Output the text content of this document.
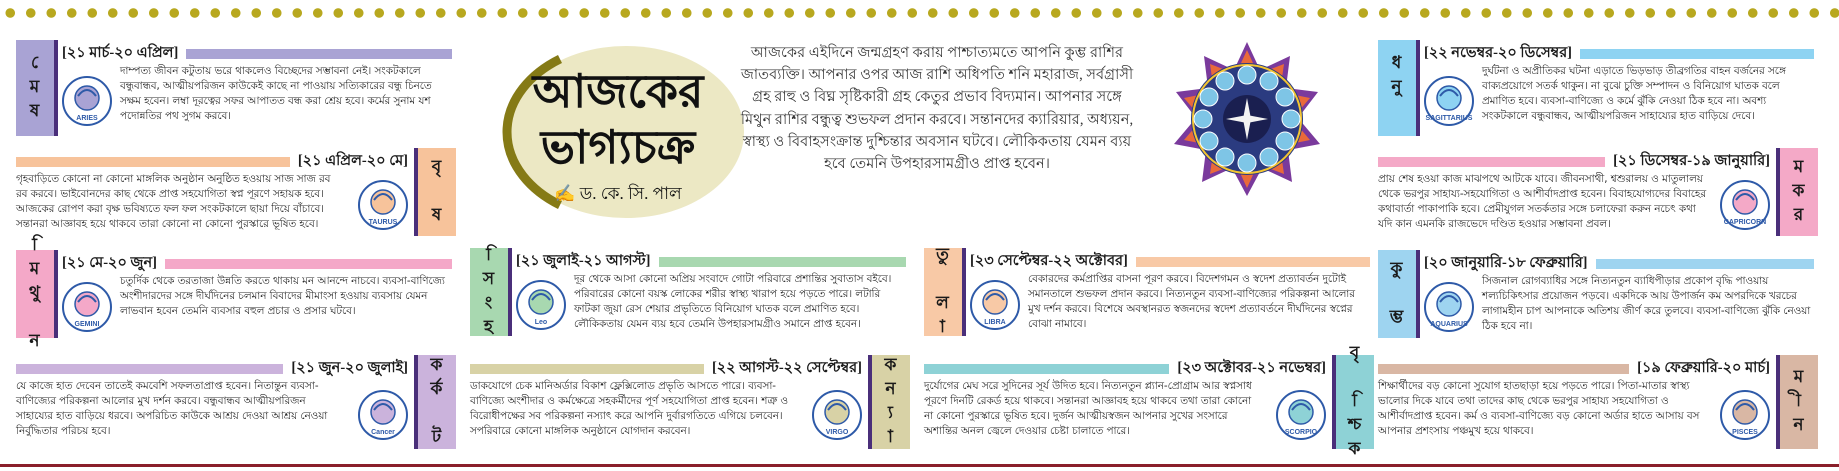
আজকের
ভাগ্যচক্র
✍ ড. কে. সি. পাল
আজকের এইদিনে জন্মগ্রহণ করায় পাশ্চাত্যমতে আপনি কুম্ভ রাশির জাতব্যক্তি। আপনার ওপর আজ রাশি অধিপতি শনি মহারাজ, সর্বগ্রাসী গ্রহ রাহু ও বিঘ্ন সৃষ্টিকারী গ্রহ কেতুর প্রভাব বিদ্যমান। আপনার সঙ্গে মিথুন রাশির বন্ধুত্ব শুভফল প্রদান করবে। সন্তানদের ক্যারিয়ার, অধ্যয়ন, স্বাস্থ্য ও বিবাহসংক্রান্ত দুশ্চিন্তার অবসান ঘটবে। লৌকিকতায় যেমন ব্যয় হবে তেমনি উপহারসামগ্রীও প্রাপ্ত হবেন।
মেষ	[২১ মার্চ-২০ এপ্রিল]
ARIES
দাম্পত্য জীবন কটুতায় ভরে থাকলেও বিচ্ছেদের সম্ভাবনা নেই। সংকটকালে বন্ধুবান্ধব, আত্মীয়পরিজন কাউকেই কাছে না পাওয়ায় সত্যিকারের বন্ধু চিনতে সক্ষম হবেন। লম্বা দূরত্বের সফর আপাতত বন্ধ করা শ্রেয় হবে। কর্মের সুনাম যশ পদোন্নতির পথ সুগম করবে।
বৃষ
[২১ এপ্রিল-২০ মে]
TAURUS
গৃহবাড়িতে কোনো না কোনো মাঙ্গলিক অনুষ্ঠান অনুষ্ঠিত হওয়ায় সাজ সাজ রব রব করবে। ভাইবোনদের কাছ থেকে প্রাপ্ত সহযোগিতা স্বপ্ন পূরণে সহায়ক হবে। আজকের রোপণ করা বৃক্ষ ভবিষ্যতে ফল ফল সংকটকালে ছায়া দিয়ে বাঁচাবে। সন্তানরা আজ্ঞাবহ হয়ে থাকবে তারা কোনো না কোনো পুরস্কারে ভূষিত হবে।
মিথুন	[২১ মে-২০ জুন]
GEMINI
চতুর্দিক থেকে তরতাজা উন্নতি করতে থাকায় মন আনন্দে নাচবে। ব্যবসা-বাণিজ্যে অংশীদারদের সঙ্গে দীর্ঘদিনের চলমান বিবাদের মীমাংসা হওয়ায় ব্যবসায় যেমন লাভবান হবেন তেমনি ব্যবসার বহুল প্রচার ও প্রসার ঘটবে।
কর্কট
[২১ জুন-২০ জুলাই]
Cancer
যে কাজে হাত দেবেন তাতেই কমবেশি সফলতাপ্রাপ্ত হবেন। নিতান্তুন ব্যবসা-বাণিজ্যের পরিকল্পনা আলোর মুখ দর্শন করবে। বন্ধুবান্ধব আত্মীয়পরিজন সাহায্যের হাত বাড়িয়ে ধরবে। অপরিচিত কাউকে আশ্রয় দেওয়া আশ্রয় নেওয়া নির্বুদ্ধিতার পরিচয় হবে।
সিংহ	[২১ জুলাই-২১ আগস্ট]
Leo
দূর থেকে আসা কোনো অপ্রিয় সংবাদে গোটা পরিবারে প্রশান্তির সুবাতাস বইবে। পরিবারের কোনো বয়স্ক লোকের শরীর স্বাস্থ্য খারাপ হয়ে পড়তে পারে। লটারি ফাটকা জুয়া রেস শেয়ার প্রভৃতিতে বিনিয়োগ ঘাতক বলে প্রমাণিত হবে। লৌকিকতায় যেমন ব্যয় হবে তেমনি উপহারসামগ্রীও সমানে প্রাপ্ত হবেন।
কন্যা
[২২ আগস্ট-২২ সেপ্টেম্বর]
VIRGO
ডাকযোগে চেক মানিঅর্ডার বিকাশ ফ্লেক্সিলোড প্রভৃতি আসতে পারে। ব্যবসা-বাণিজ্যে অংশীদার ও কর্মক্ষেত্রে সহকর্মীদের পূর্ণ সহযোগিতা প্রাপ্ত হবেন। শত্রু ও বিরোধীপক্ষের সব পরিকল্পনা নস্যাৎ করে আপনি দুর্বারগতিতে এগিয়ে চলবেন। সপরিবারে কোনো মাঙ্গলিক অনুষ্ঠানে যোগদান করবেন।
তুলা	[২৩ সেপ্টেম্বর-২২ অক্টোবর]
LIBRA
বেকারদের কর্মপ্রাপ্তির বাসনা পূরণ করবে। বিদেশগমন ও স্বদেশ প্রত্যাবর্তন দুটোই সমানতালে শুভফল প্রদান করবে। নিত্যনতুন ব্যবসা-বাণিজ্যের পরিকল্পনা আলোর মুখ দর্শন করবে। বিশেষে অবস্থানরত স্বজনদের স্বদেশ প্রত্যাবর্তনে দীর্ঘদিনের স্বপ্নের বোঝা নামাবে।
বৃশ্চিক
[২৩ অক্টোবর-২১ নভেম্বর]
SCORPIO
দুর্যোগের মেঘ সরে সুদিনের সূর্য উদিত হবে। নিত্যনতুন প্ল্যান-প্রোগ্রাম আর স্বপ্নসাধ পূরণে দিনটি রেকর্ড হয়ে থাকবে। সন্তানরা আজ্ঞাবহ হয়ে থাকবে তথা তারা কোনো না কোনো পুরস্কারে ভূষিত হবে। দুর্জন আত্মীয়স্বজন আপনার সুখের সংসারে অশান্তির অনল জ্বেলে দেওয়ার চেষ্টা চালাতে পারে।
ধনু	[২২ নভেম্বর-২০ ডিসেম্বর]
SAGITTARIUS
দুর্ঘটনা ও অপ্রীতিকর ঘটনা এড়াতে ভিড়ভাড় তীব্রগতির বাহন বর্জনের সঙ্গে বাক্যপ্রয়োগে সতর্ক থাকুন। না বুঝে চুক্তি সম্পাদন ও বিনিয়োগ ঘাতক বলে প্রমাণিত হবে। ব্যবসা-বাণিজ্যে ও কর্মে ঝুঁকি নেওয়া ঠিক হবে না। অবশ্য সংকটকালে বন্ধুবান্ধব, আত্মীয়পরিজন সাহায্যের হাত বাড়িয়ে দেবে।
মকর
[২১ ডিসেম্বর-১৯ জানুয়ারি]
CAPRICORN
প্রায় শেষ হওয়া কাজ মাঝপথে আটকে যাবে। জীবনসাথী, শ্বশুরালয় ও মাতুলালয় থেকে ভরপুর সাহায্য-সহযোগিতা ও আশীর্বাদপ্রাপ্ত হবেন। বিবাহযোগ্যদের বিবাহের কথাবার্তা পাকাপাকি হবে। প্রেমীযুগল সতর্কতার সঙ্গে চলাফেরা করুন নচেৎ কথা যদি কান এমনকি রাজভেদে দণ্ডিত হওয়ার সম্ভাবনা প্রবল।
কুম্ভ	[২০ জানুয়ারি-১৮ ফেব্রুয়ারি]
AQUARIUS
সিজনাল রোগব্যাধির সঙ্গে নিত্যনতুন ব্যাধিপীড়ার প্রকোপ বৃদ্ধি পাওয়ায় শল্যচিকিৎসার প্রয়োজন পড়বে। একদিকে আয় উপার্জন কম অপরদিকে খরচের লাগামহীন চাপ আপনাকে অতিশয় জীর্ণ করে তুলবে। ব্যবসা-বাণিজ্যে ঝুঁকি নেওয়া ঠিক হবে না।
মীন
[১৯ ফেব্রুয়ারি-২০ মার্চ]
PISCES
শিক্ষার্থীদের বড় কোনো সুযোগ হাতছাড়া হয়ে পড়তে পারে। পিতা-মাতার স্বাস্থ্য ভালোর দিকে যাবে তথা তাদের কাছ থেকে ভরপুর সাহায্য সহযোগিতা ও আশীর্বাদপ্রাপ্ত হবেন। কর্ম ও ব্যবসা-বাণিজ্যে বড় কোনো অর্ডার হাতে আসায় বস আপনার প্রশংসায় পঞ্চমুখ হয়ে থাকবে।
